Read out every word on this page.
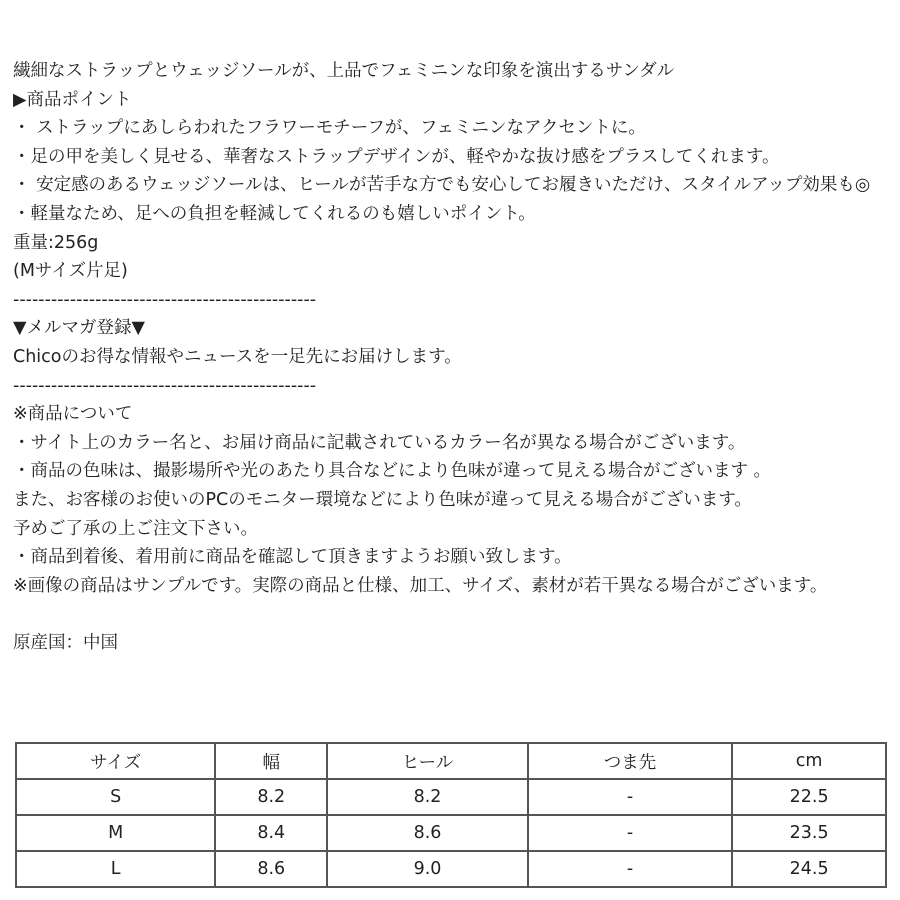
繊細なストラップとウェッジソールが、上品でフェミニンな印象を演出するサンダル
▶商品ポイント
・ ストラップにあしらわれたフラワーモチーフが、フェミニンなアクセントに。
・足の甲を美しく見せる、華奢なストラップデザインが、軽やかな抜け感をプラスしてくれます。
・ 安定感のあるウェッジソールは、ヒールが苦手な方でも安心してお履きいただけ、スタイルアップ効果も◎
・軽量なため、足への負担を軽減してくれるのも嬉しいポイント。
重量:256g
(Mサイズ片足)
------------------------------------------------
▼メルマガ登録▼
Chicoのお得な情報やニュースを一足先にお届けします。
------------------------------------------------
※商品について
・サイト上のカラー名と、お届け商品に記載されているカラー名が異なる場合がございます。
・商品の色味は、撮影場所や光のあたり具合などにより色味が違って見える場合がございます 。
また、お客様のお使いのPCのモニター環境などにより色味が違って見える場合がございます。
予めご了承の上ご注文下さい。
・商品到着後、着用前に商品を確認して頂きますようお願い致します。
※画像の商品はサンプルです。実際の商品と仕様、加工、サイズ、素材が若干異なる場合がございます。
原産国：中国
サイズ	幅	ヒール	つま先	cm
S	8.2	8.2	-	22.5
M	8.4	8.6	-	23.5
L	8.6	9.0	-	24.5
